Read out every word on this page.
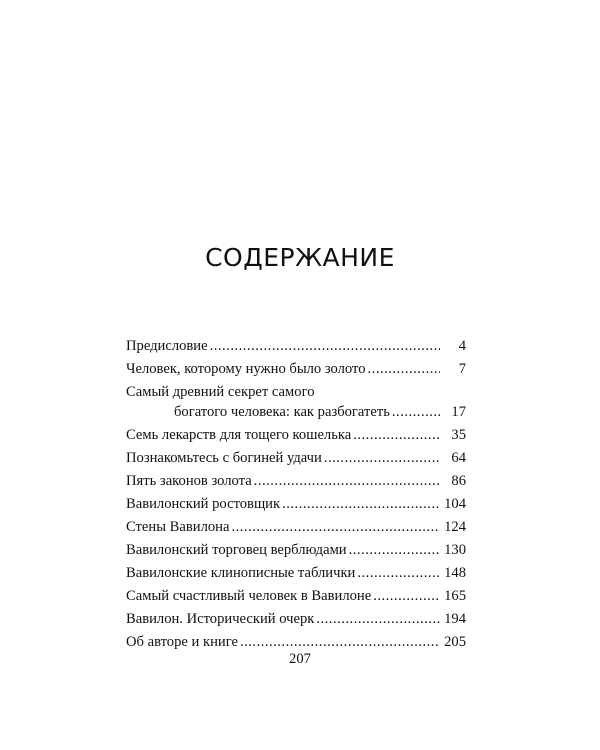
СОДЕРЖАНИЕ
Предисловие .....	4
Человек, которому нужно было золото .....	7
Самый древний секрет самого
богатого человека: как разбогатеть .....	17
Семь лекарств для тощего кошелька .....	35
Познакомьтесь с богиней удачи .....	64
Пять законов золота .....	86
Вавилонский ростовщик .....	104
Стены Вавилона .....	124
Вавилонский торговец верблюдами .....	130
Вавилонские клинописные таблички .....	148
Самый счастливый человек в Вавилоне .....	165
Вавилон. Исторический очерк .....	194
Об авторе и книге .....	205
207
